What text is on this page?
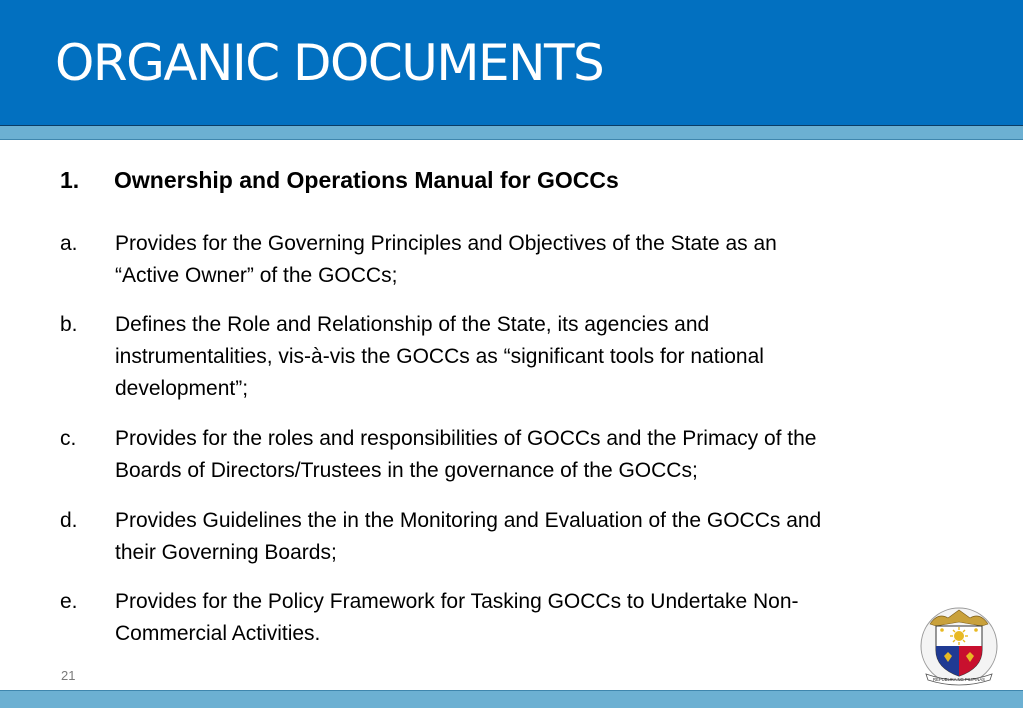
ORGANIC DOCUMENTS
1.	Ownership and Operations Manual for GOCCs
a.	Provides for the Governing Principles and Objectives of the State as an
“Active Owner” of the GOCCs;
b.	Defines the Role and Relationship of the State, its agencies and
instrumentalities, vis-à-vis the GOCCs as “significant tools for national
development”;
c.	Provides for the roles and responsibilities of GOCCs and the Primacy of the
Boards of Directors/Trustees in the governance of the GOCCs;
d.	Provides Guidelines the in the Monitoring and Evaluation of the GOCCs and
their Governing Boards;
e.	Provides for the Policy Framework for Tasking GOCCs to Undertake Non-
Commercial Activities.
21	REPUBLIKA NG PILIPINAS
